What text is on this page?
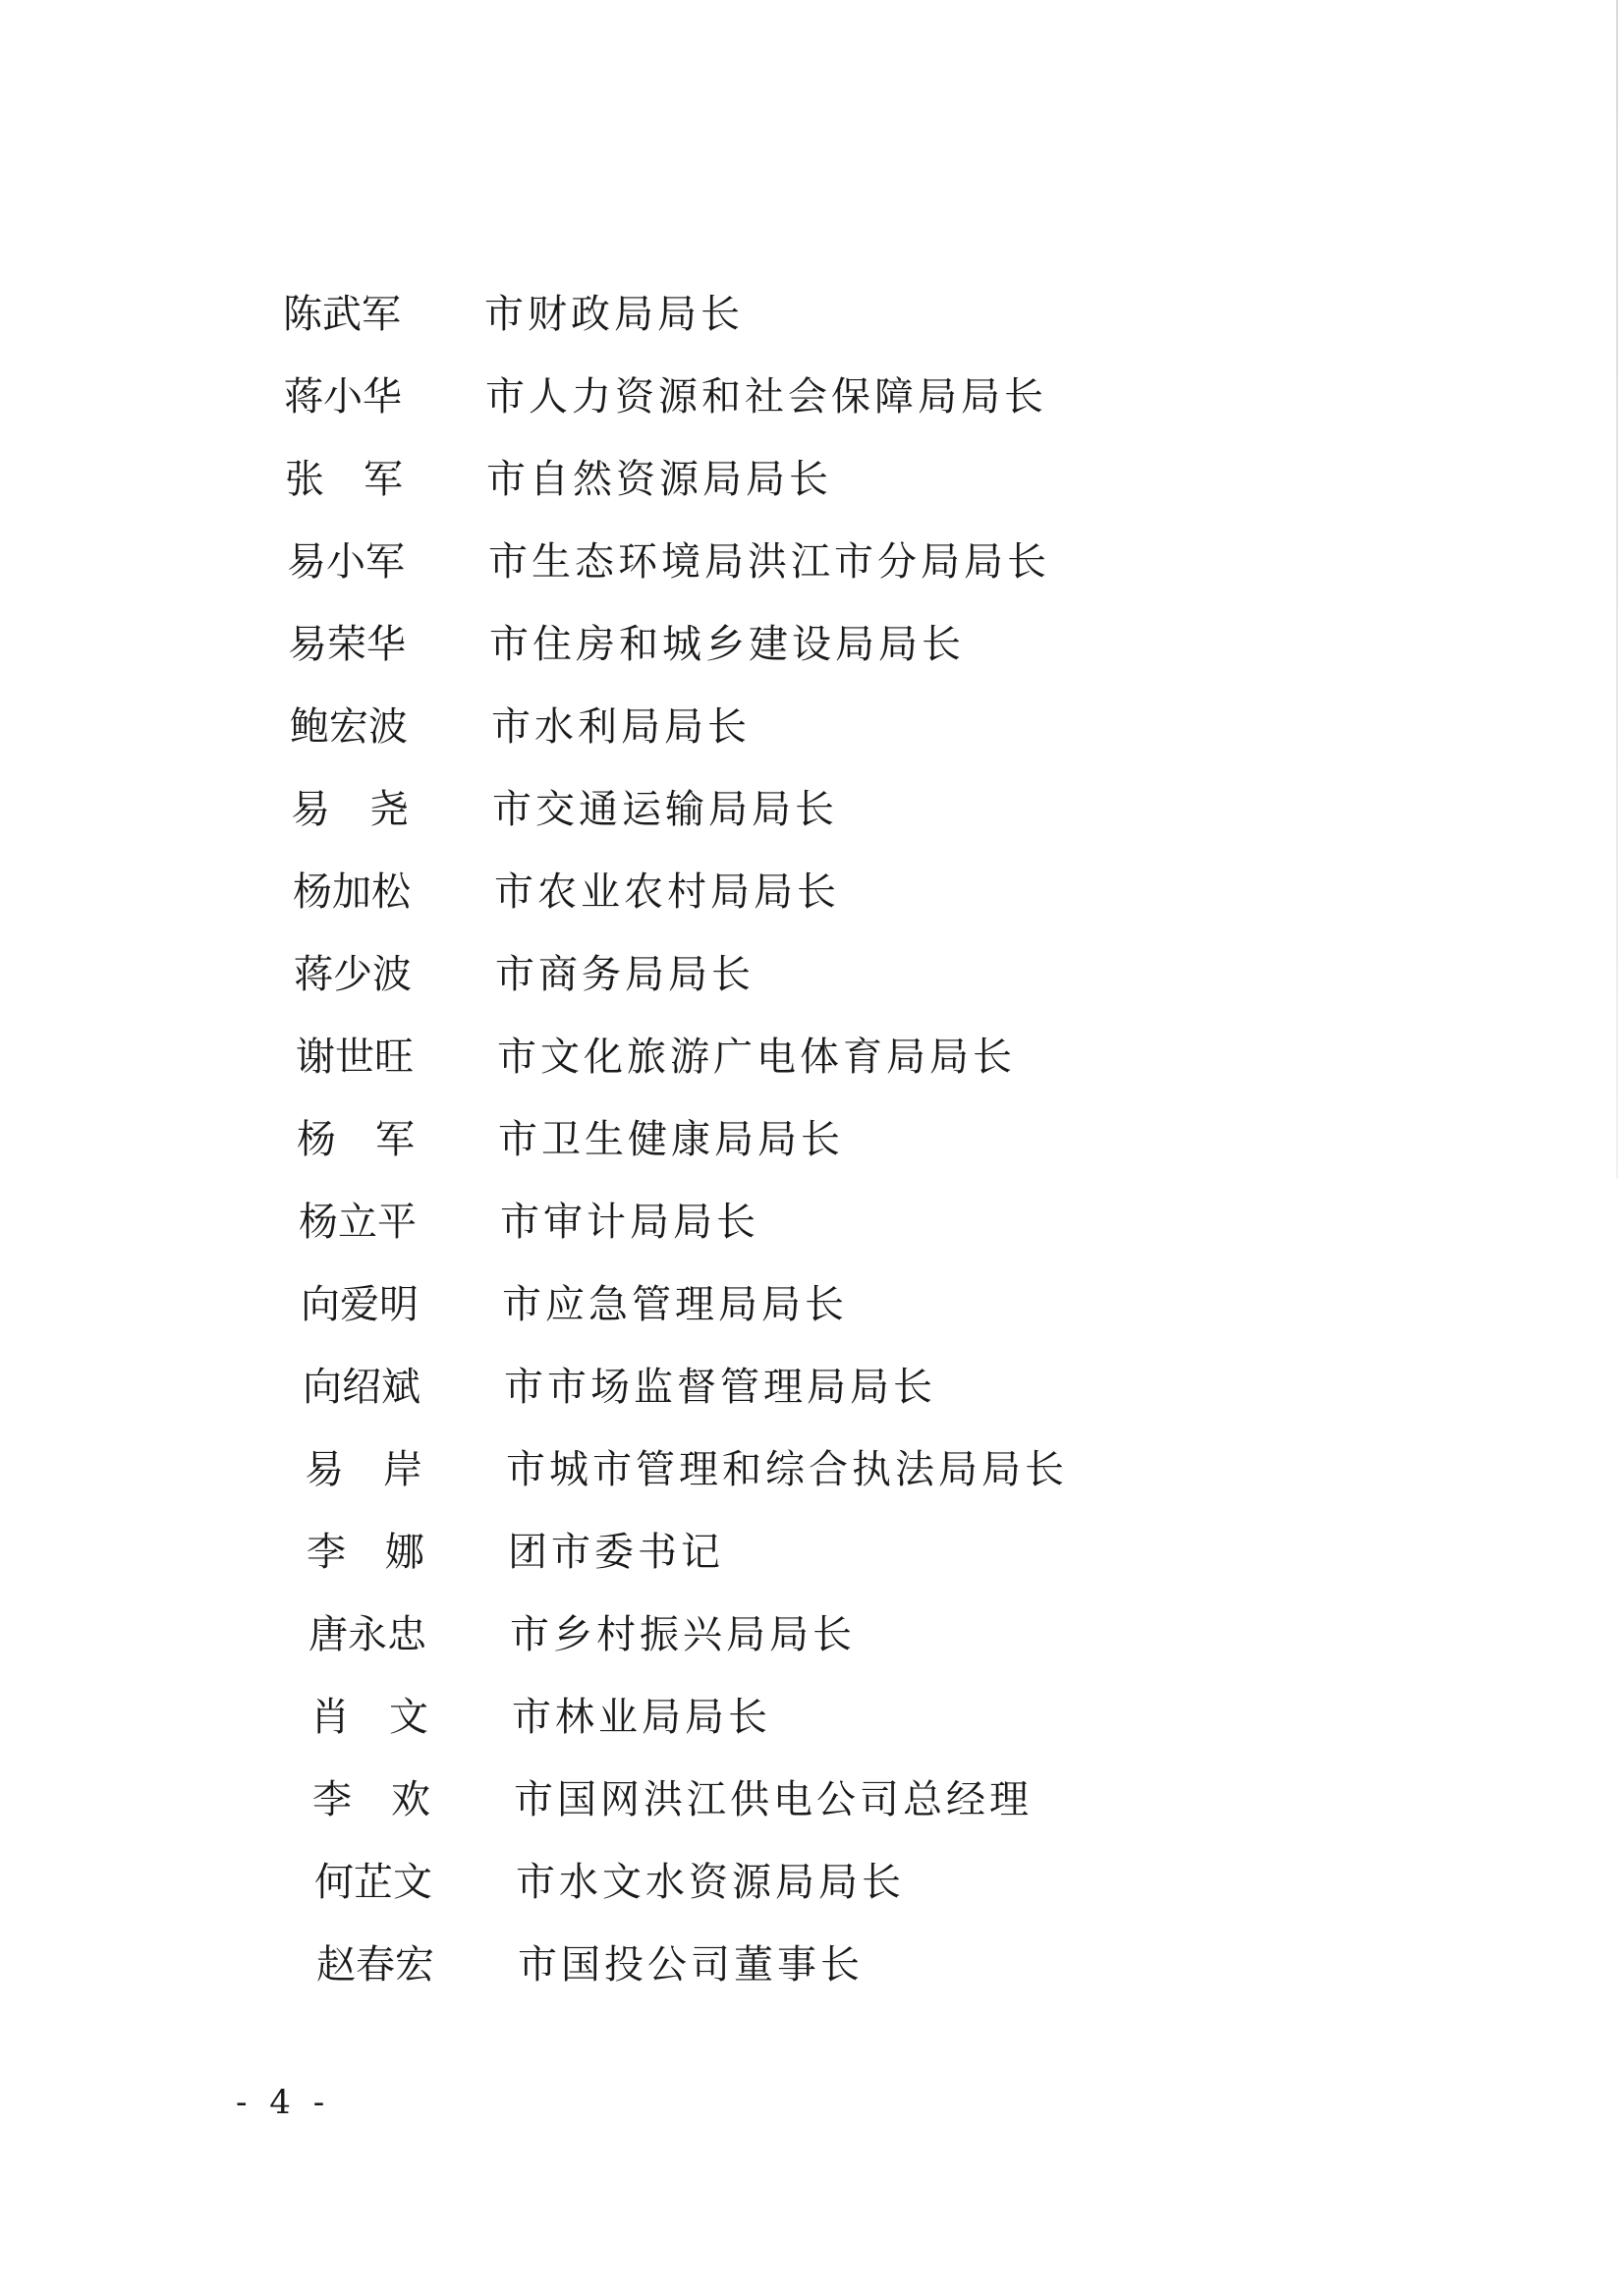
陈武军	市财政局局长
蒋小华	市人力资源和社会保障局局长
张　军	市自然资源局局长
易小军	市生态环境局洪江市分局局长
易荣华	市住房和城乡建设局局长
鲍宏波	市水利局局长
易　尧	市交通运输局局长
杨加松	市农业农村局局长
蒋少波	市商务局局长
谢世旺	市文化旅游广电体育局局长
杨　军	市卫生健康局局长
杨立平	市审计局局长
向爱明	市应急管理局局长
向绍斌	市市场监督管理局局长
易　岸	市城市管理和综合执法局局长
李　娜	团市委书记
唐永忠	市乡村振兴局局长
肖　文	市林业局局长
李　欢	市国网洪江供电公司总经理
何芷文	市水文水资源局局长
赵春宏	市国投公司董事长
- 4 -
